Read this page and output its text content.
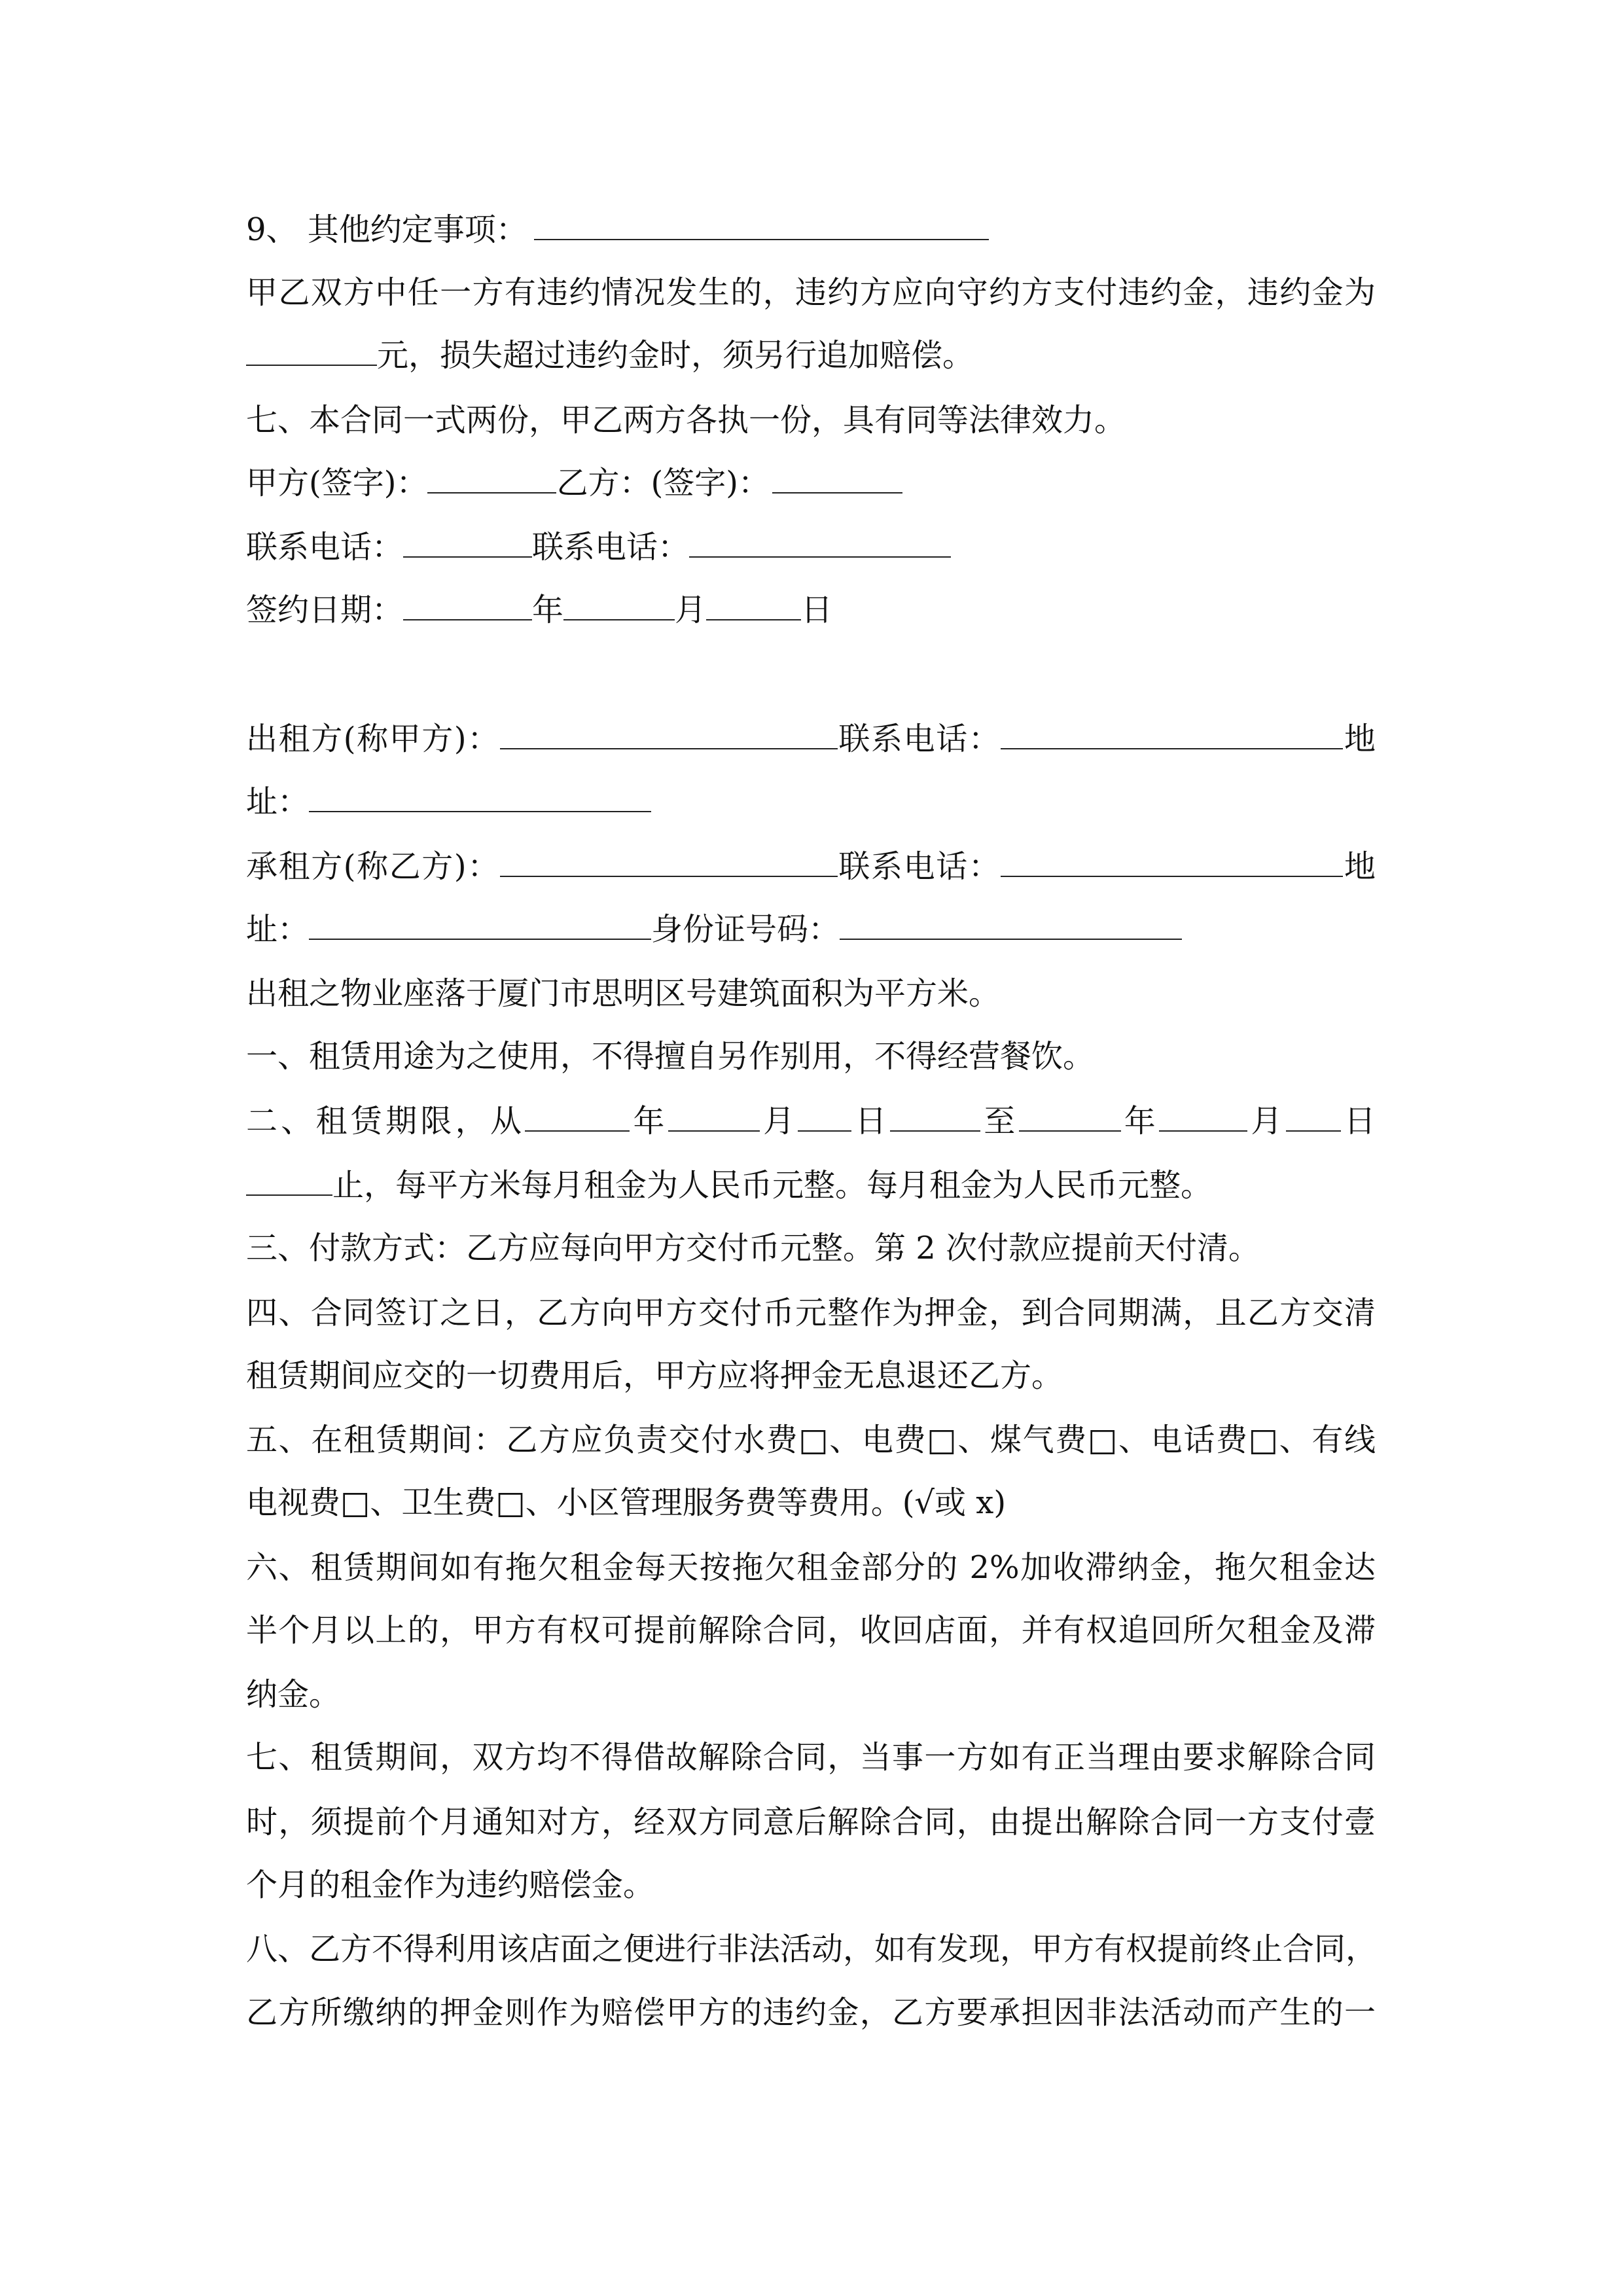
9、 其他约定事项：
甲乙双方中任一方有违约情况发生的，违约方应向守约方支付违约金，违约金为
元，损失超过违约金时，须另行追加赔偿。
七、本合同一式两份，甲乙两方各执一份，具有同等法律效力。
甲方(签字)：	乙方：(签字)：
联系电话：	联系电话：
签约日期：	年	月	日
出租方(称甲方)：	联系电话：	地
址：
承租方(称乙方)：	联系电话：	地
址：	身份证号码：
出租之物业座落于厦门市思明区号建筑面积为平方米。
一、租赁用途为之使用，不得擅自另作别用，不得经营餐饮。
二、租赁期限，从	年	月 日	至	年	月 日
止，每平方米每月租金为人民币元整。每月租金为人民币元整。
三、付款方式：乙方应每向甲方交付币元整。第 2 次付款应提前天付清。
四、合同签订之日，乙方向甲方交付币元整作为押金，到合同期满，且乙方交清
租赁期间应交的一切费用后，甲方应将押金无息退还乙方。
五、在租赁期间：乙方应负责交付水费□、电费□、煤气费□、电话费□、有线
电视费□、卫生费□、小区管理服务费等费用。(√或 x)
六、租赁期间如有拖欠租金每天按拖欠租金部分的 2%加收滞纳金，拖欠租金达
半个月以上的，甲方有权可提前解除合同，收回店面，并有权追回所欠租金及滞
纳金。
七、租赁期间，双方均不得借故解除合同，当事一方如有正当理由要求解除合同
时，须提前个月通知对方，经双方同意后解除合同，由提出解除合同一方支付壹
个月的租金作为违约赔偿金。
八、乙方不得利用该店面之便进行非法活动，如有发现，甲方有权提前终止合同，
乙方所缴纳的押金则作为赔偿甲方的违约金，乙方要承担因非法活动而产生的一
